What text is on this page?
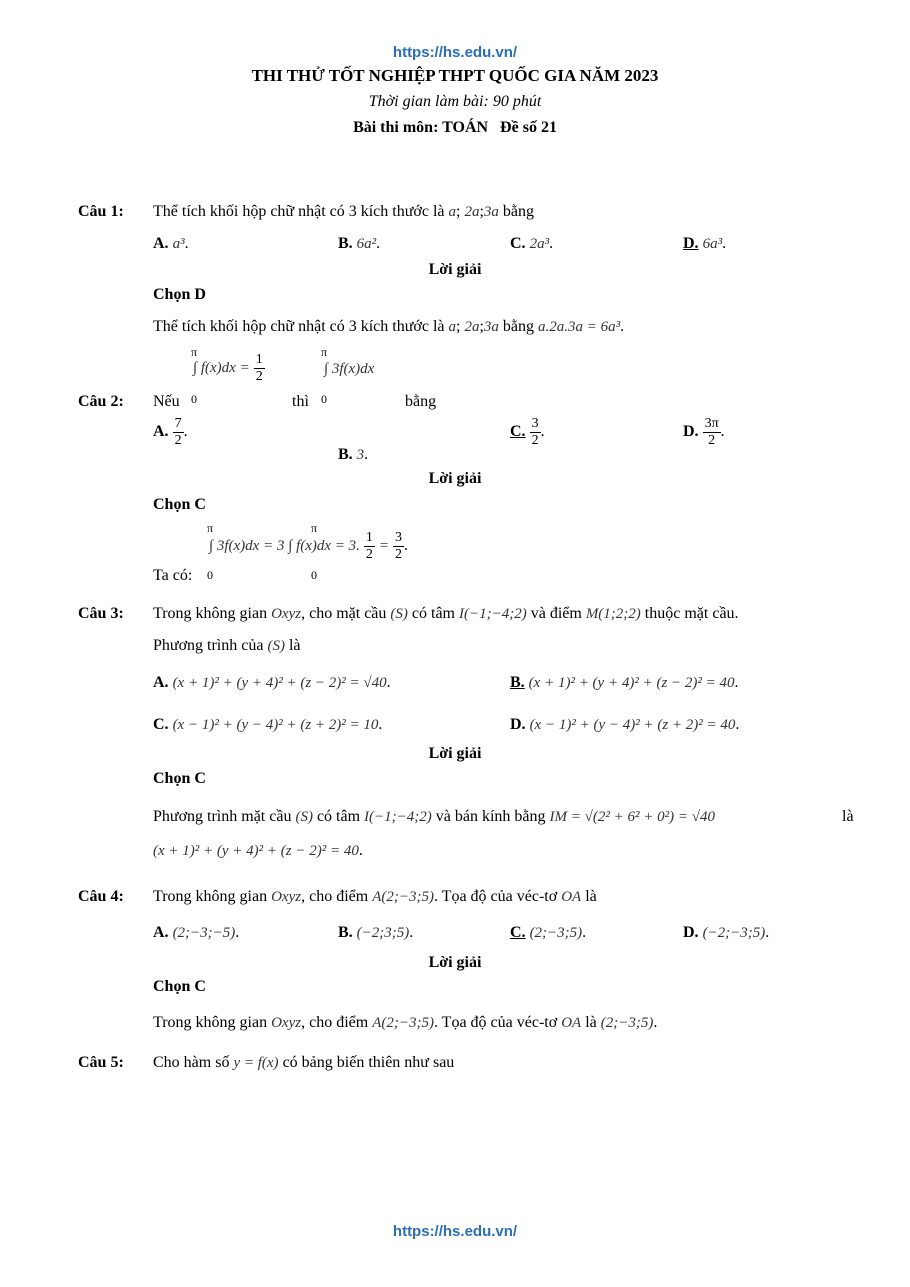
https://hs.edu.vn/
THI THỬ TỐT NGHIỆP THPT QUỐC GIA NĂM 2023
Thời gian làm bài: 90 phút
Bài thi môn: TOÁN   Đề số 21
Câu 1: Thể tích khối hộp chữ nhật có 3 kích thước là a; 2a;3a bằng
A. a³.	B. 6a².	C. 2a³.	D. 6a³.
Lời giải
Chọn D
Thể tích khối hộp chữ nhật có 3 kích thước là a; 2a;3a bằng a.2a.3a = 6a³.
π	π
Câu 2: Nếu
∫ $f(x)dx = \frac{1}{2}$
0	thì
∫ 3f(x)dx
0	bằng
A. $\frac{7}{2}$ .
B. 3.
C. $\frac{3}{2}$ .	D. $\frac{3\pi}{2}$ .
Lời giải
Chọn C
π	π
Ta có:
∫ 3f(x)dx = 3 ∫ f(x)dx = 3. $\frac{1}{2} = \frac{3}{2}$ .
0	0
Câu 3: Trong không gian Oxyz, cho mặt cầu (S) có tâm I(−1;−4;2) và điểm M(1;2;2) thuộc mặt cầu.
Phương trình của (S) là
A. (x + 1)² + (y + 4)² + (z − 2)² = √40.	B. (x + 1)² + (y + 4)² + (z − 2)² = 40.
C. (x − 1)² + (y − 4)² + (z + 2)² = 10.	D. (x − 1)² + (y − 4)² + (z + 2)² = 40.
Lời giải
Chọn C
Phương trình mặt cầu (S) có tâm I(−1;−4;2) và bán kính bằng IM = √(2² + 6² + 0²) = √40	là
(x + 1)² + (y + 4)² + (z − 2)² = 40.
Câu 4: Trong không gian Oxyz, cho điểm A(2;−3;5). Tọa độ của véc-tơ OA là
A. (2;−3;−5).	B. (−2;3;5).	C. (2;−3;5).	D. (−2;−3;5).
Lời giải
Chọn C
Trong không gian Oxyz, cho điểm A(2;−3;5). Tọa độ của véc-tơ OA là (2;−3;5).
Câu 5: Cho hàm số y = f(x) có bảng biến thiên như sau
https://hs.edu.vn/
